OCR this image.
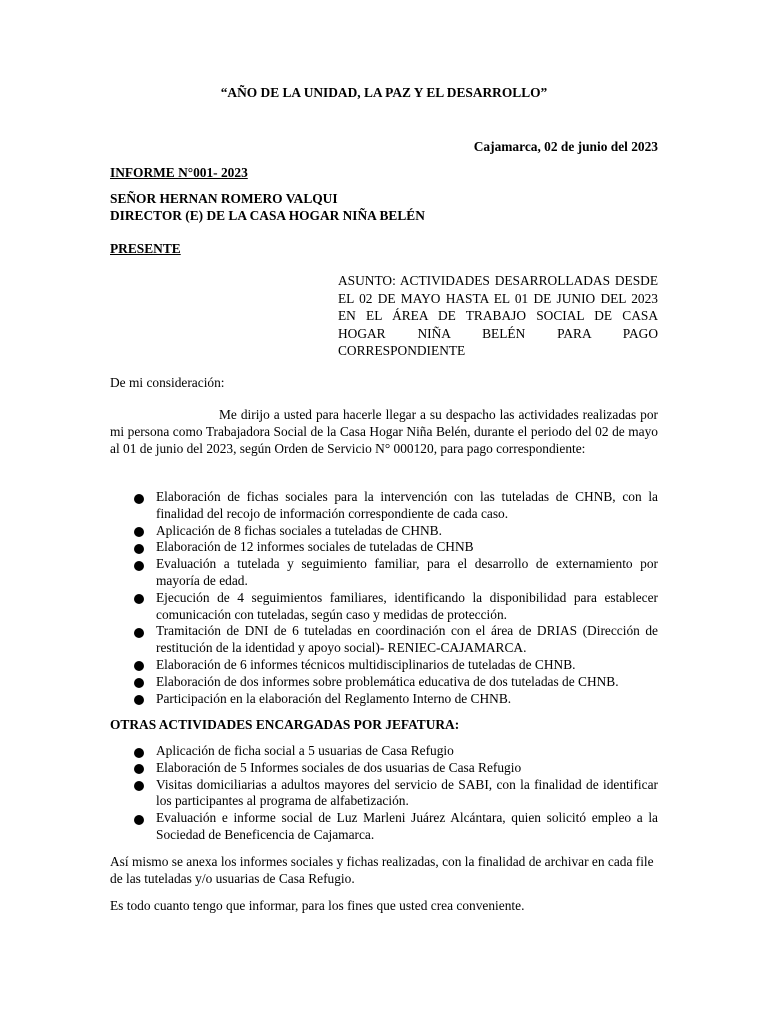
“AÑO DE LA UNIDAD, LA PAZ Y EL DESARROLLO”
Cajamarca, 02 de junio del 2023
INFORME N°001- 2023
SEÑOR HERNAN ROMERO VALQUI
DIRECTOR (E) DE LA CASA HOGAR NIÑA BELÉN
PRESENTE
ASUNTO: ACTIVIDADES DESARROLLADAS DESDE EL 02 DE MAYO HASTA EL 01 DE JUNIO DEL 2023 EN EL ÁREA DE TRABAJO SOCIAL DE CASA HOGAR NIÑA BELÉN PARA PAGO CORRESPONDIENTE
De mi consideración:
Me dirijo a usted para hacerle llegar a su despacho las actividades realizadas por mi persona como Trabajadora Social de la Casa Hogar Niña Belén, durante el periodo del 02 de mayo al 01 de junio del 2023, según Orden de Servicio N° 000120, para pago correspondiente:
Elaboración de fichas sociales para la intervención con las tuteladas de CHNB, con la finalidad del recojo de información correspondiente de cada caso.
Aplicación de 8 fichas sociales a tuteladas de CHNB.
Elaboración de 12 informes sociales de tuteladas de CHNB
Evaluación a tutelada y seguimiento familiar, para el desarrollo de externamiento por mayoría de edad.
Ejecución de 4 seguimientos familiares, identificando la disponibilidad para establecer comunicación con tuteladas, según caso y medidas de protección.
Tramitación de DNI de 6 tuteladas en coordinación con el área de DRIAS (Dirección de restitución de la identidad y apoyo social)- RENIEC-CAJAMARCA.
Elaboración de 6 informes técnicos multidisciplinarios de tuteladas de CHNB.
Elaboración de dos informes sobre problemática educativa de dos tuteladas de CHNB.
Participación en la elaboración del Reglamento Interno de CHNB.
OTRAS ACTIVIDADES ENCARGADAS POR JEFATURA:
Aplicación de ficha social a 5 usuarias de Casa Refugio
Elaboración de 5 Informes sociales de dos usuarias de Casa Refugio
Visitas domiciliarias a adultos mayores del servicio de SABI, con la finalidad de identificar los participantes al programa de alfabetización.
Evaluación e informe social de Luz Marleni Juárez Alcántara, quien solicitó empleo a la Sociedad de Beneficencia de Cajamarca.
Así mismo se anexa los informes sociales y fichas realizadas, con la finalidad de archivar en cada file de las tuteladas y/o usuarias de Casa Refugio.
Es todo cuanto tengo que informar, para los fines que usted crea conveniente.
